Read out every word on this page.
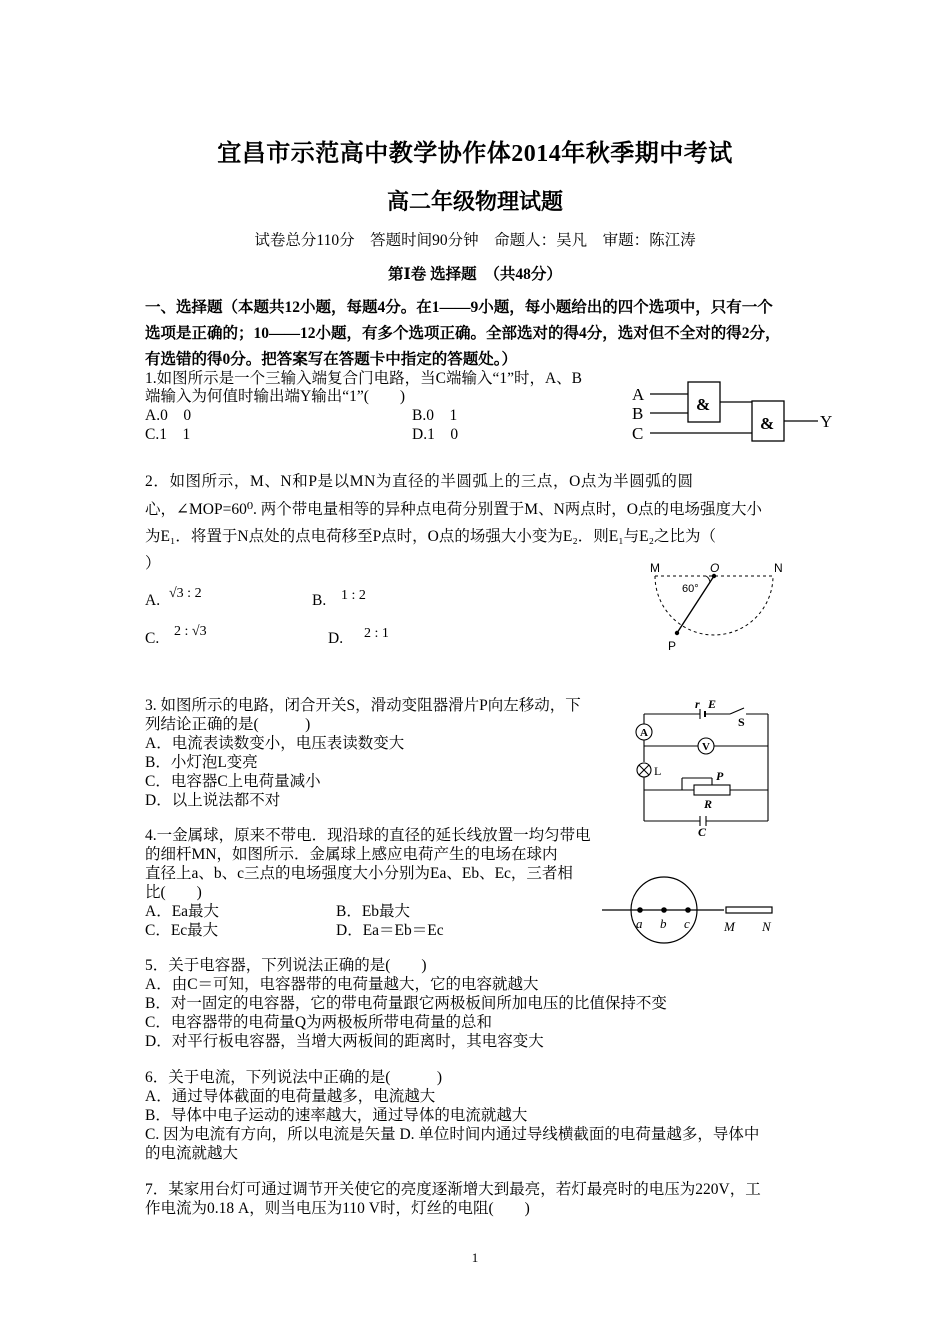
宜昌市示范高中教学协作体2014年秋季期中考试
高二年级物理试题
试卷总分110分　答题时间90分钟　命题人：吴凡　审题：陈江涛
第Ⅰ卷 选择题　（共48分）
一、选择题（本题共12小题，每题4分。在1——9小题，每小题给出的四个选项中，只有一个
选项是正确的；10——12小题，有多个选项正确。全部选对的得4分，选对但不全对的得2分，
有选错的得0分。把答案写在答题卡中指定的答题处。）
1.如图所示是一个三输入端复合门电路，当C端输入“1”时，A、B
端输入为何值时输出端Y输出“1”(　　)
A.0　0	B.0　1
C.1　1	D.1　0
A
B
C
&
&	Y
2．如图所示，M、N和P是以MN为直径的半圆弧上的三点，O点为半圆弧的圆
心，∠MOP=60⁰. 两个带电量相等的异种点电荷分别置于M、N两点时，O点的电场强度大小
为E₁．将置于N点处的点电荷移至P点时，O点的场强大小变为E₂．则E₁与E₂之比为（
）
A. √3 : 2	B. 1 : 2
C. 2 : √3	D. 2 : 1
M	O	N
P
60°
3. 如图所示的电路，闭合开关S，滑动变阻器滑片P向左移动，下
列结论正确的是(　　　)
A．电流表读数变小，电压表读数变大
B．小灯泡L变亮
C．电容器C上电荷量减小
D．以上说法都不对
r E
S
A
V
L	P
R
C
4.一金属球，原来不带电．现沿球的直径的延长线放置一均匀带电
的细杆MN，如图所示．金属球上感应电荷产生的电场在球内
直径上a、b、c三点的电场强度大小分别为Ea、Eb、Ec，三者相
比(　　)
A．Ea最大	B．Eb最大
C．Ec最大	D．Ea＝Eb＝Ec	a b c	M N
5．关于电容器，下列说法正确的是(　　)
A．由C＝可知，电容器带的电荷量越大，它的电容就越大
B．对一固定的电容器，它的带电荷量跟它两极板间所加电压的比值保持不变
C．电容器带的电荷量Q为两极板所带电荷量的总和
D．对平行板电容器，当增大两板间的距离时，其电容变大
6．关于电流，下列说法中正确的是(　　　)
A．通过导体截面的电荷量越多，电流越大
B．导体中电子运动的速率越大，通过导体的电流就越大
C. 因为电流有方向，所以电流是矢量 D. 单位时间内通过导线横截面的电荷量越多，导体中
的电流就越大
7．某家用台灯可通过调节开关使它的亮度逐渐增大到最亮，若灯最亮时的电压为220V，工
作电流为0.18 A，则当电压为110 V时，灯丝的电阻(　　)
1
